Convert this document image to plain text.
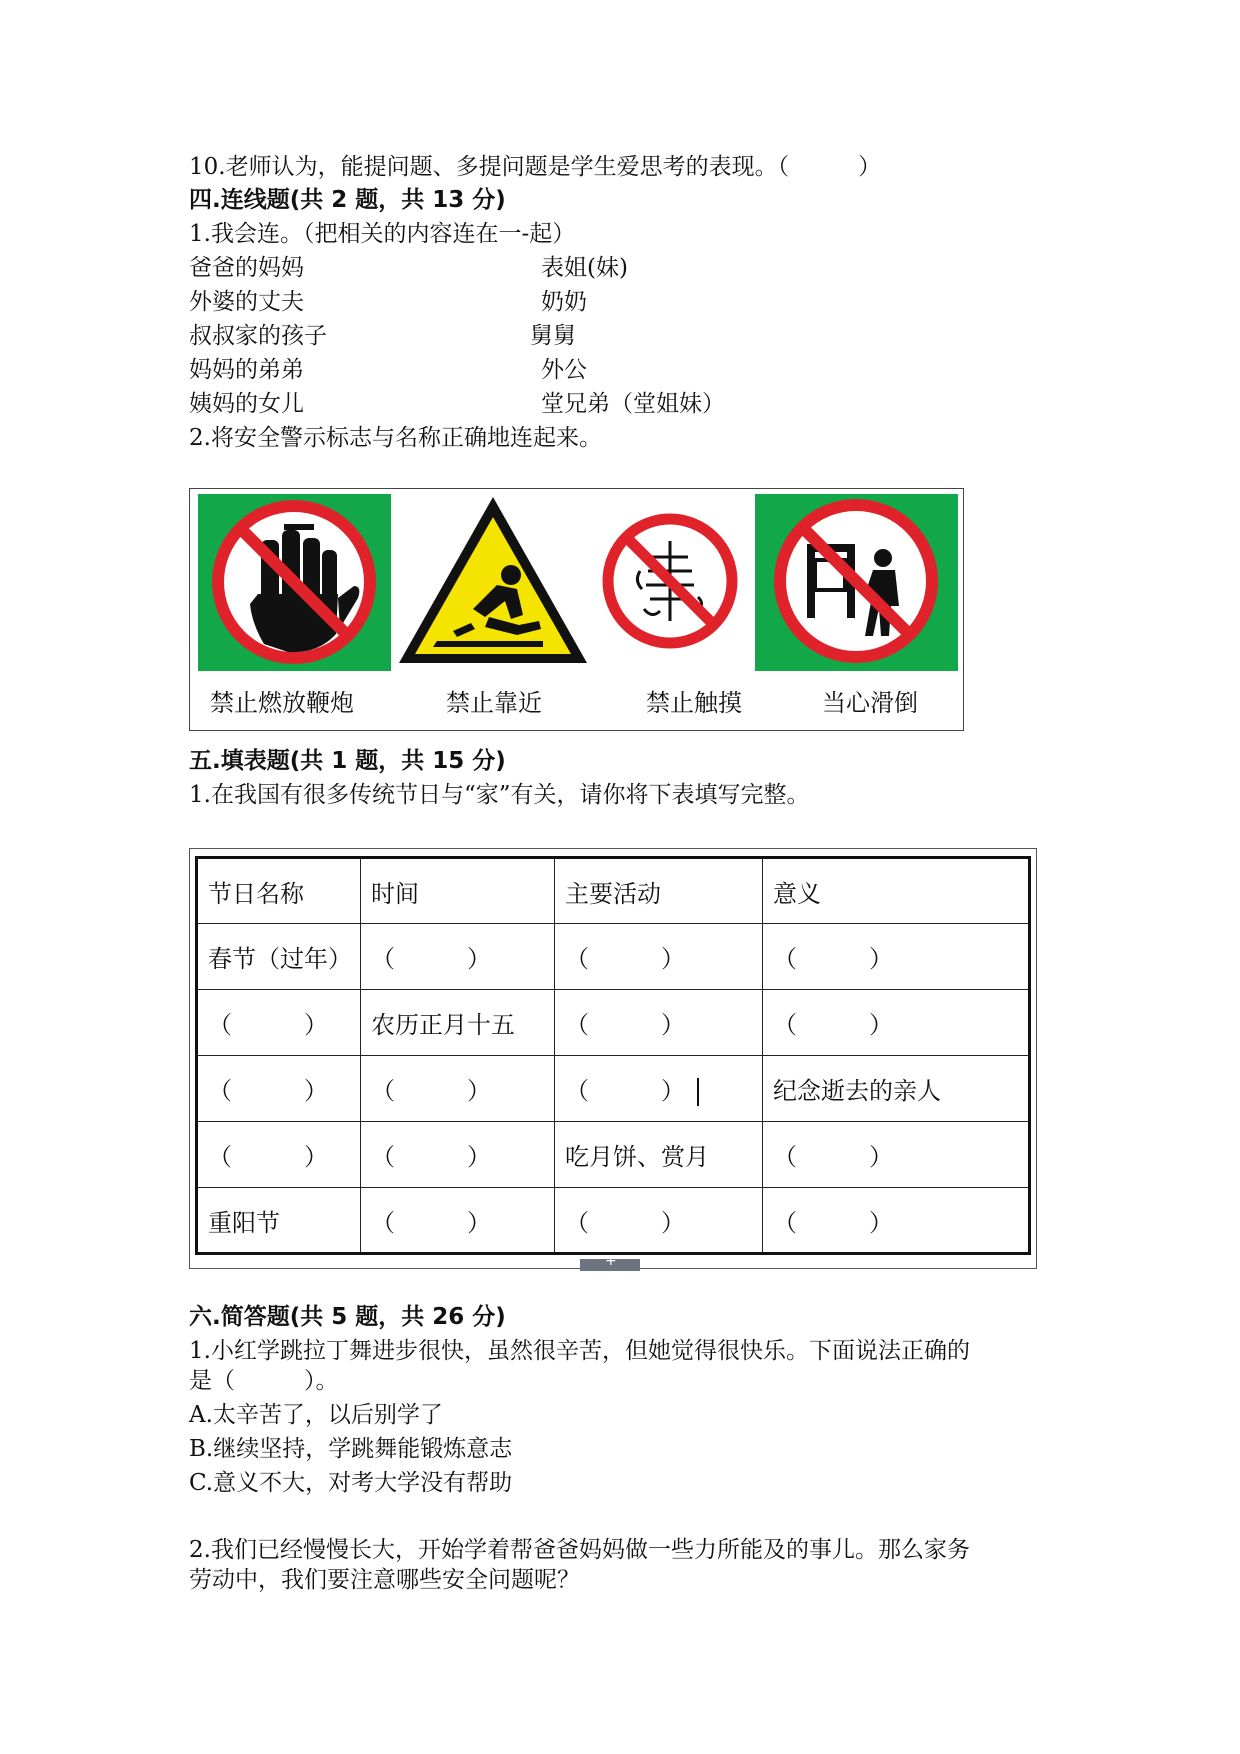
10.老师认为，能提问题、多提问题是学生爱思考的表现。（　　　）
四.连线题(共 2 题，共 13 分)
1.我会连。（把相关的内容连在一-起）
爸爸的妈妈	表姐(妹)
外婆的丈夫	奶奶
叔叔家的孩子	舅舅
妈妈的弟弟	外公
姨妈的女儿	堂兄弟（堂姐妹）
2.将安全警示标志与名称正确地连起来。
禁止燃放鞭炮	禁止靠近	禁止触摸	当心滑倒
五.填表题(共 1 题，共 15 分)
1.在我国有很多传统节日与“家”有关，请你将下表填写完整。
节日名称	时间	主要活动	意义
春节（过年）	（　　　）	（　　　）	（　　　）
（　　　）	农历正月十五	（　　　）	（　　　）
（　　　）	（　　　）	（　　　）	纪念逝去的亲人
（　　　）	（　　　）	吃月饼、赏月	（　　　）
重阳节	（　　　）	（　　　）	（　　　）
+
六.简答题(共 5 题，共 26 分)
1.小红学跳拉丁舞进步很快，虽然很辛苦，但她觉得很快乐。下面说法正确的
是（　　　）。
A.太辛苦了，以后别学了
B.继续坚持，学跳舞能锻炼意志
C.意义不大，对考大学没有帮助
2.我们已经慢慢长大，开始学着帮爸爸妈妈做一些力所能及的事儿。那么家务
劳动中，我们要注意哪些安全问题呢？
